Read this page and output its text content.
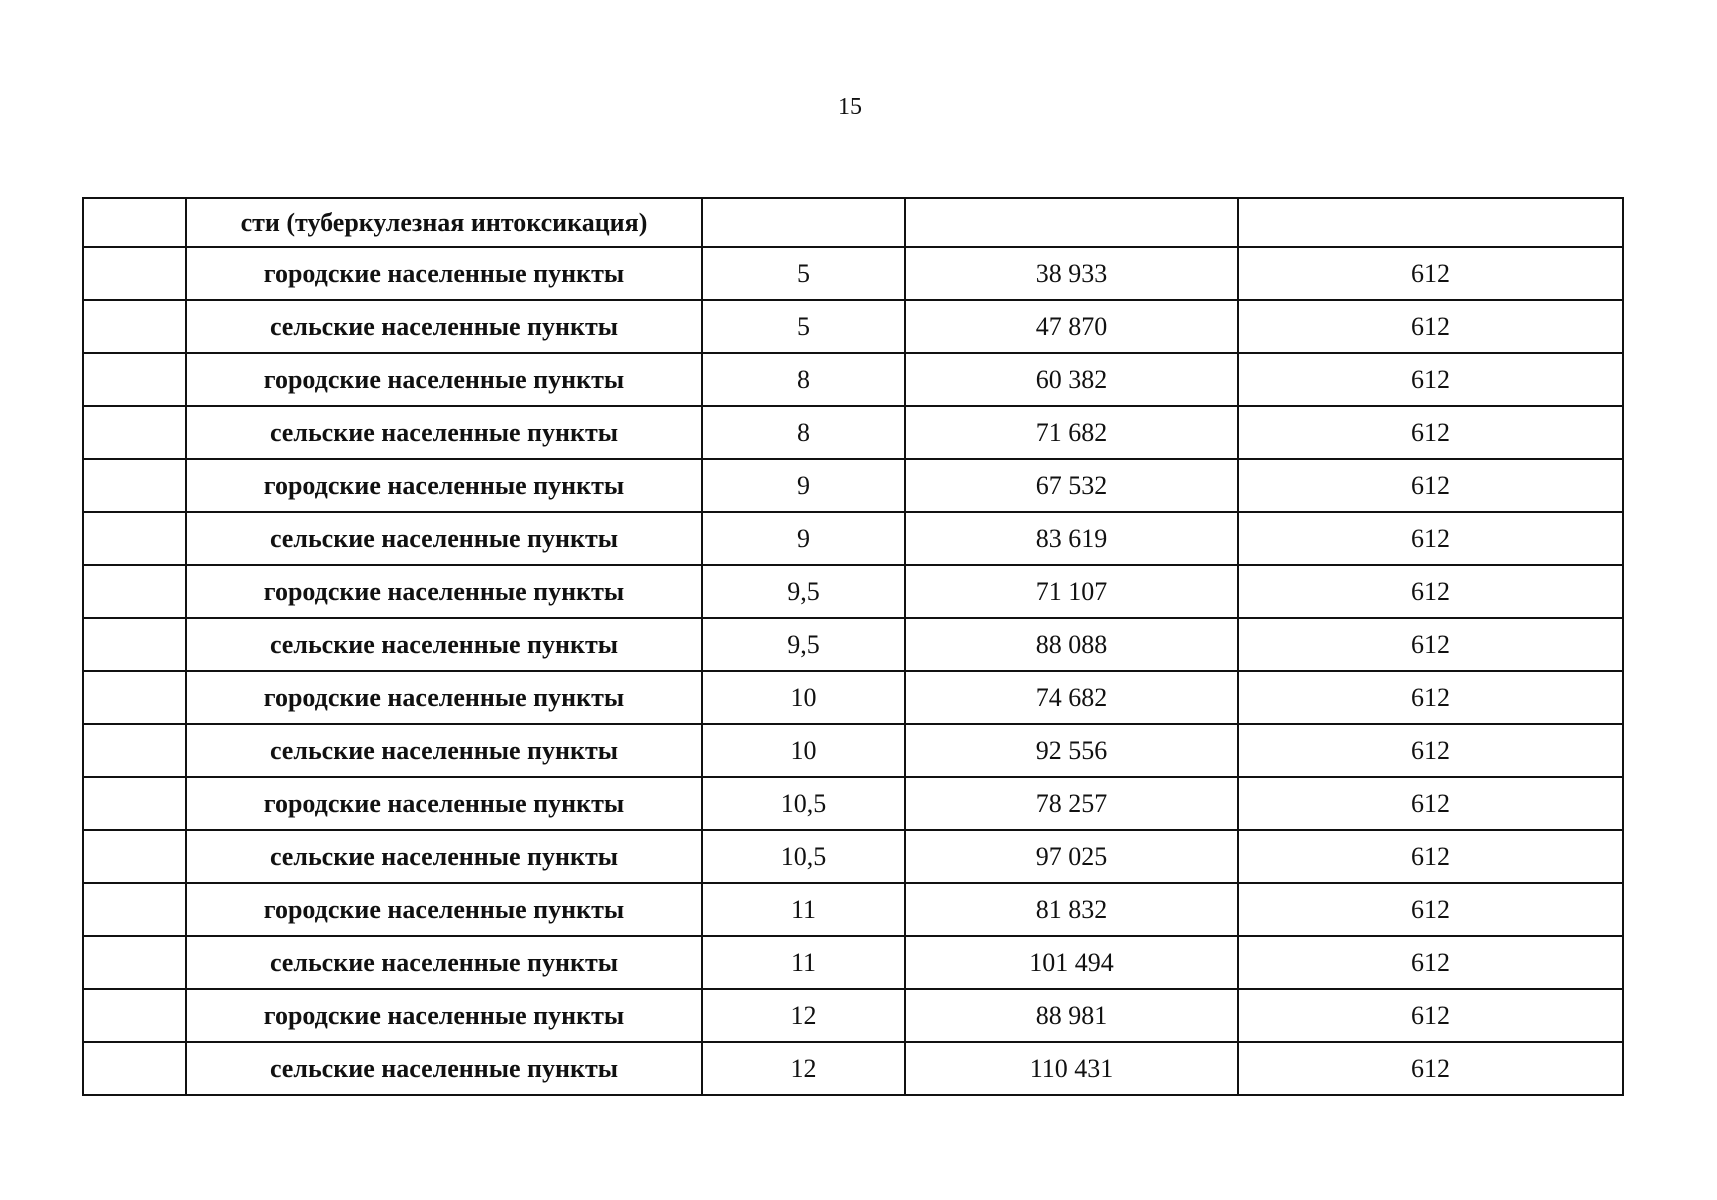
15
	сти (туберкулезная интоксикация)			
	городские населенные пункты	5	38 933	612
	сельские населенные пункты	5	47 870	612
	городские населенные пункты	8	60 382	612
	сельские населенные пункты	8	71 682	612
	городские населенные пункты	9	67 532	612
	сельские населенные пункты	9	83 619	612
	городские населенные пункты	9,5	71 107	612
	сельские населенные пункты	9,5	88 088	612
	городские населенные пункты	10	74 682	612
	сельские населенные пункты	10	92 556	612
	городские населенные пункты	10,5	78 257	612
	сельские населенные пункты	10,5	97 025	612
	городские населенные пункты	11	81 832	612
	сельские населенные пункты	11	101 494	612
	городские населенные пункты	12	88 981	612
	сельские населенные пункты	12	110 431	612
